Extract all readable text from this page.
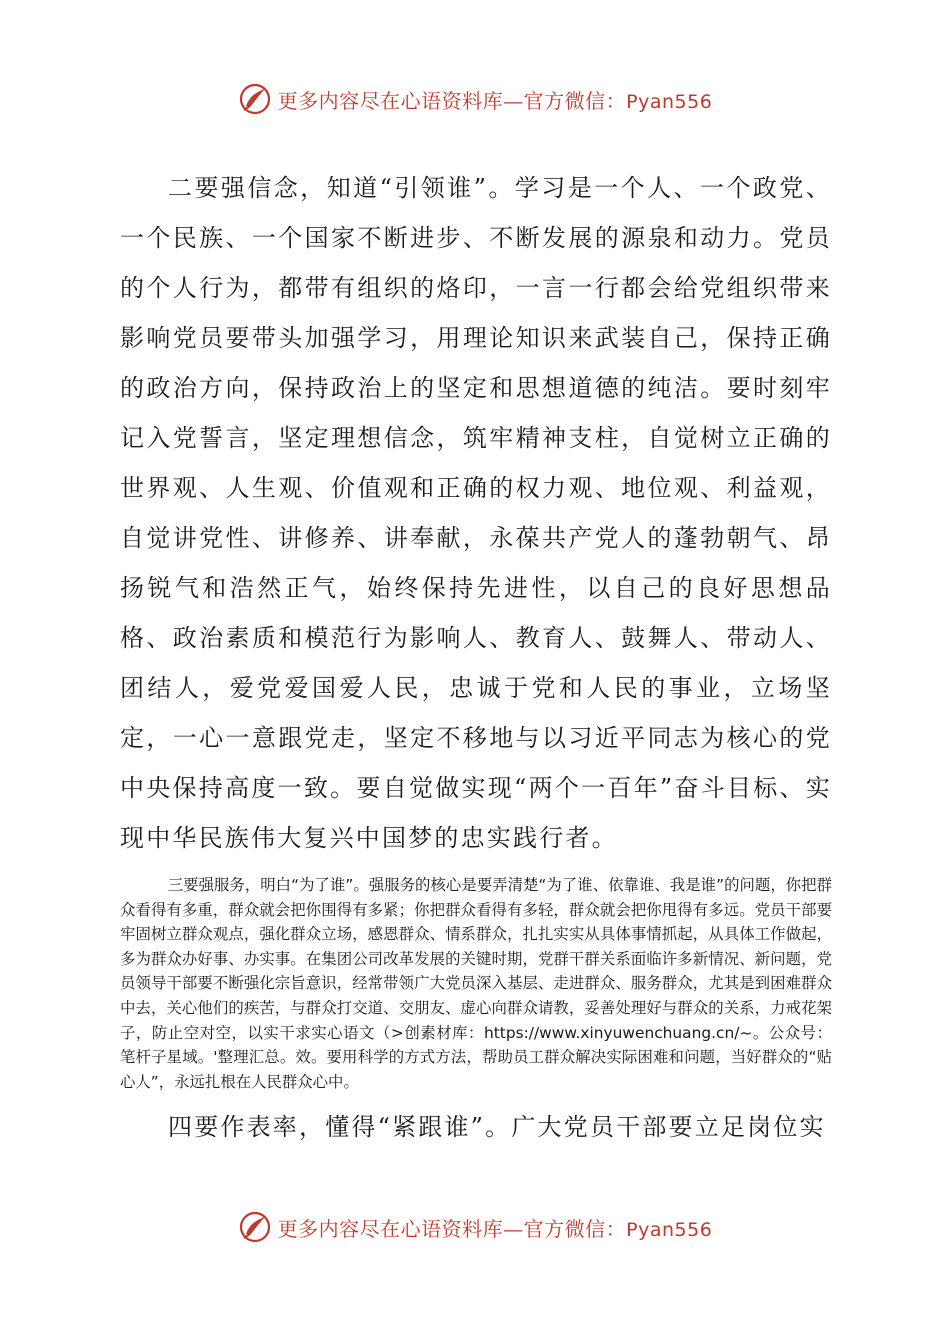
更多内容尽在心语资料库—官方微信：Pyan556

二要强信念，知道“引领谁”。学习是一个人、一个政党、一个民族、一个国家不断进步、不断发展的源泉和动力。党员的个人行为，都带有组织的烙印，一言一行都会给党组织带来影响党员要带头加强学习，用理论知识来武装自己，保持正确的政治方向，保持政治上的坚定和思想道德的纯洁。要时刻牢记入党誓言，坚定理想信念，筑牢精神支柱，自觉树立正确的世界观、人生观、价值观和正确的权力观、地位观、利益观，自觉讲党性、讲修养、讲奉献，永葆共产党人的蓬勃朝气、昂扬锐气和浩然正气，始终保持先进性，以自己的良好思想品格、政治素质和模范行为影响人、教育人、鼓舞人、带动人、团结人，爱党爱国爱人民，忠诚于党和人民的事业，立场坚定，一心一意跟党走，坚定不移地与以习近平同志为核心的党中央保持高度一致。要自觉做实现“两个一百年”奋斗目标、实现中华民族伟大复兴中国梦的忠实践行者。

三要强服务，明白“为了谁”。强服务的核心是要弄清楚“为了谁、依靠谁、我是谁”的问题，你把群众看得有多重，群众就会把你围得有多紧；你把群众看得有多轻，群众就会把你甩得有多远。党员干部要牢固树立群众观点，强化群众立场，感恩群众、情系群众，扎扎实实从具体事情抓起，从具体工作做起，多为群众办好事、办实事。在集团公司改革发展的关键时期，党群干群关系面临许多新情况、新问题，党员领导干部要不断强化宗旨意识，经常带领广大党员深入基层、走进群众、服务群众，尤其是到困难群众中去，关心他们的疾苦，与群众打交道、交朋友、虚心向群众请教，妥善处理好与群众的关系，力戒花架子，防止空对空，以实干求实心语文（>创素材库：https://www.xinyuwenchuang.cn/~。公众号：笔杆子星域。'整理汇总。效。要用科学的方式方法，帮助员工群众解决实际困难和问题，当好群众的“贴心人”，永远扎根在人民群众心中。

四要作表率，懂得“紧跟谁”。广大党员干部要立足岗位实

更多内容尽在心语资料库—官方微信：Pyan556
